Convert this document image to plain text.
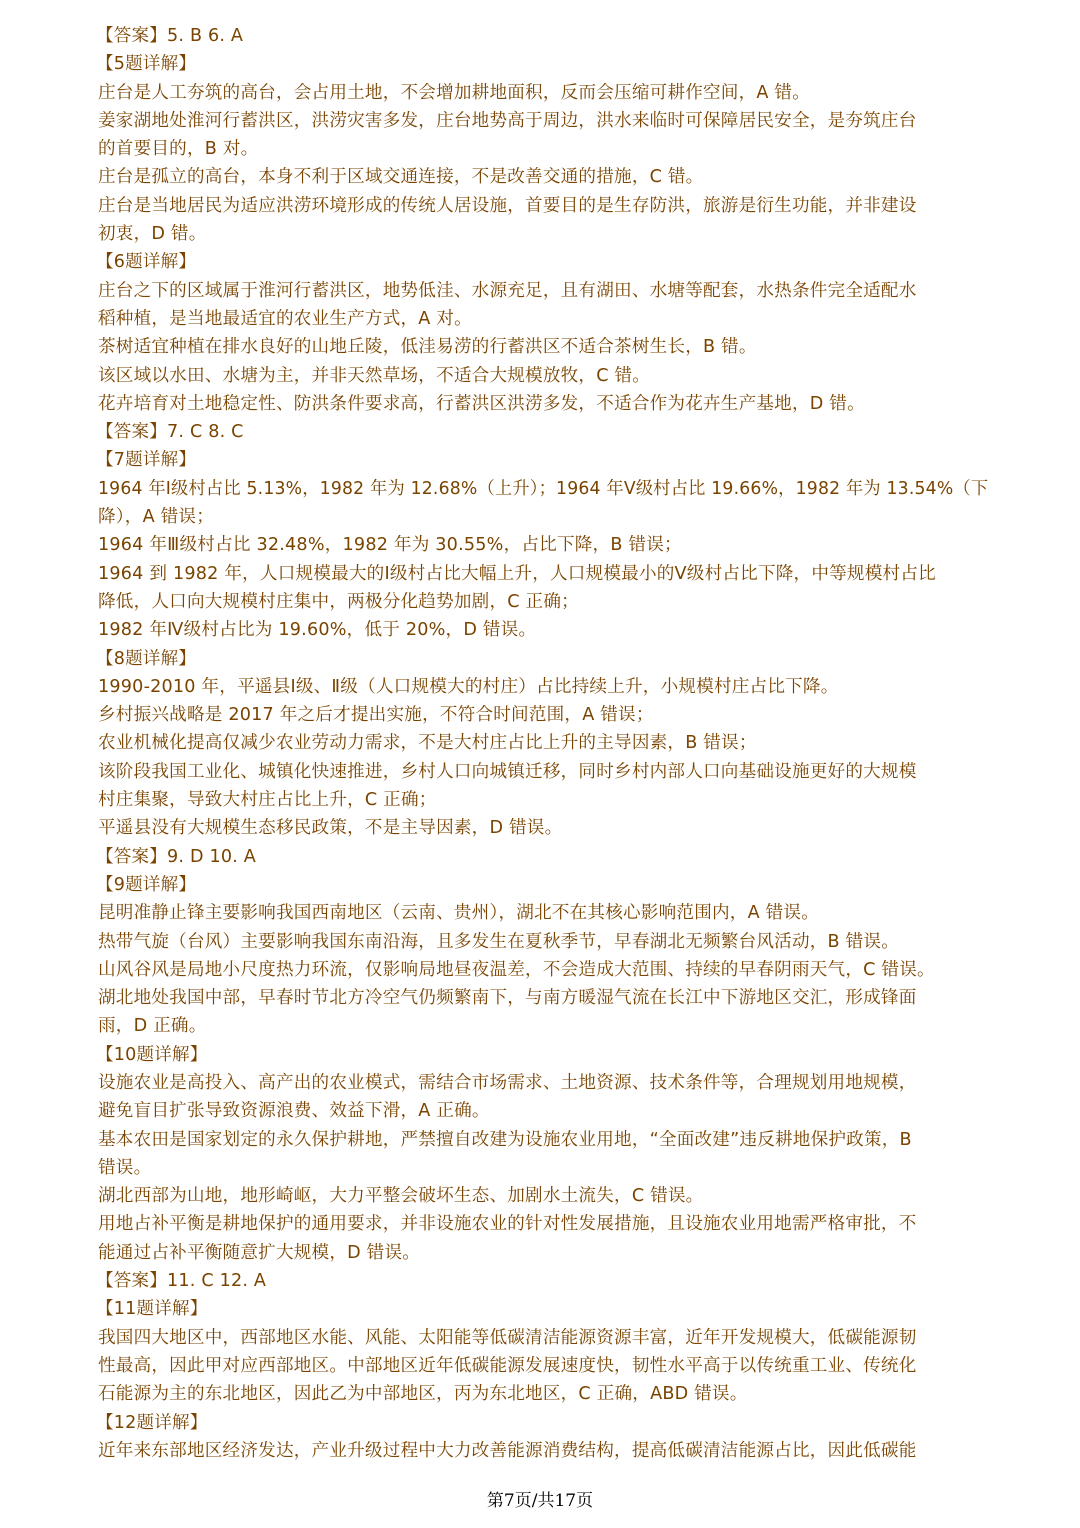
【答案】5. B 6. A
【5题详解】
庄台是人工夯筑的高台，会占用土地，不会增加耕地面积，反而会压缩可耕作空间，A 错。
姜家湖地处淮河行蓄洪区，洪涝灾害多发，庄台地势高于周边，洪水来临时可保障居民安全，是夯筑庄台
的首要目的，B 对。
庄台是孤立的高台，本身不利于区域交通连接，不是改善交通的措施，C 错。
庄台是当地居民为适应洪涝环境形成的传统人居设施，首要目的是生存防洪，旅游是衍生功能，并非建设
初衷，D 错。
【6题详解】
庄台之下的区域属于淮河行蓄洪区，地势低洼、水源充足，且有湖田、水塘等配套，水热条件完全适配水
稻种植，是当地最适宜的农业生产方式，A 对。
茶树适宜种植在排水良好的山地丘陵，低洼易涝的行蓄洪区不适合茶树生长，B 错。
该区域以水田、水塘为主，并非天然草场，不适合大规模放牧，C 错。
花卉培育对土地稳定性、防洪条件要求高，行蓄洪区洪涝多发，不适合作为花卉生产基地，D 错。
【答案】7. C 8. C
【7题详解】
1964 年Ⅰ级村占比 5.13%，1982 年为 12.68%（上升）；1964 年Ⅴ级村占比 19.66%，1982 年为 13.54%（下
降），A 错误；
1964 年Ⅲ级村占比 32.48%，1982 年为 30.55%，占比下降，B 错误；
1964 到 1982 年，人口规模最大的Ⅰ级村占比大幅上升，人口规模最小的Ⅴ级村占比下降，中等规模村占比
降低，人口向大规模村庄集中，两极分化趋势加剧，C 正确；
1982 年Ⅳ级村占比为 19.60%，低于 20%，D 错误。
【8题详解】
1990-2010 年，平遥县Ⅰ级、Ⅱ级（人口规模大的村庄）占比持续上升，小规模村庄占比下降。
乡村振兴战略是 2017 年之后才提出实施，不符合时间范围，A 错误；
农业机械化提高仅减少农业劳动力需求，不是大村庄占比上升的主导因素，B 错误；
该阶段我国工业化、城镇化快速推进，乡村人口向城镇迁移，同时乡村内部人口向基础设施更好的大规模
村庄集聚，导致大村庄占比上升，C 正确；
平遥县没有大规模生态移民政策，不是主导因素，D 错误。
【答案】9. D 10. A
【9题详解】
昆明准静止锋主要影响我国西南地区（云南、贵州），湖北不在其核心影响范围内，A 错误。
热带气旋（台风）主要影响我国东南沿海，且多发生在夏秋季节，早春湖北无频繁台风活动，B 错误。
山风谷风是局地小尺度热力环流，仅影响局地昼夜温差，不会造成大范围、持续的早春阴雨天气，C 错误。
湖北地处我国中部，早春时节北方冷空气仍频繁南下，与南方暖湿气流在长江中下游地区交汇，形成锋面
雨，D 正确。
【10题详解】
设施农业是高投入、高产出的农业模式，需结合市场需求、土地资源、技术条件等，合理规划用地规模，
避免盲目扩张导致资源浪费、效益下滑，A 正确。
基本农田是国家划定的永久保护耕地，严禁擅自改建为设施农业用地，“全面改建”违反耕地保护政策，B
错误。
湖北西部为山地，地形崎岖，大力平整会破坏生态、加剧水土流失，C 错误。
用地占补平衡是耕地保护的通用要求，并非设施农业的针对性发展措施，且设施农业用地需严格审批，不
能通过占补平衡随意扩大规模，D 错误。
【答案】11. C 12. A
【11题详解】
我国四大地区中，西部地区水能、风能、太阳能等低碳清洁能源资源丰富，近年开发规模大，低碳能源韧
性最高，因此甲对应西部地区。中部地区近年低碳能源发展速度快，韧性水平高于以传统重工业、传统化
石能源为主的东北地区，因此乙为中部地区，丙为东北地区，C 正确，ABD 错误。
【12题详解】
近年来东部地区经济发达，产业升级过程中大力改善能源消费结构，提高低碳清洁能源占比，因此低碳能
第7页/共17页
